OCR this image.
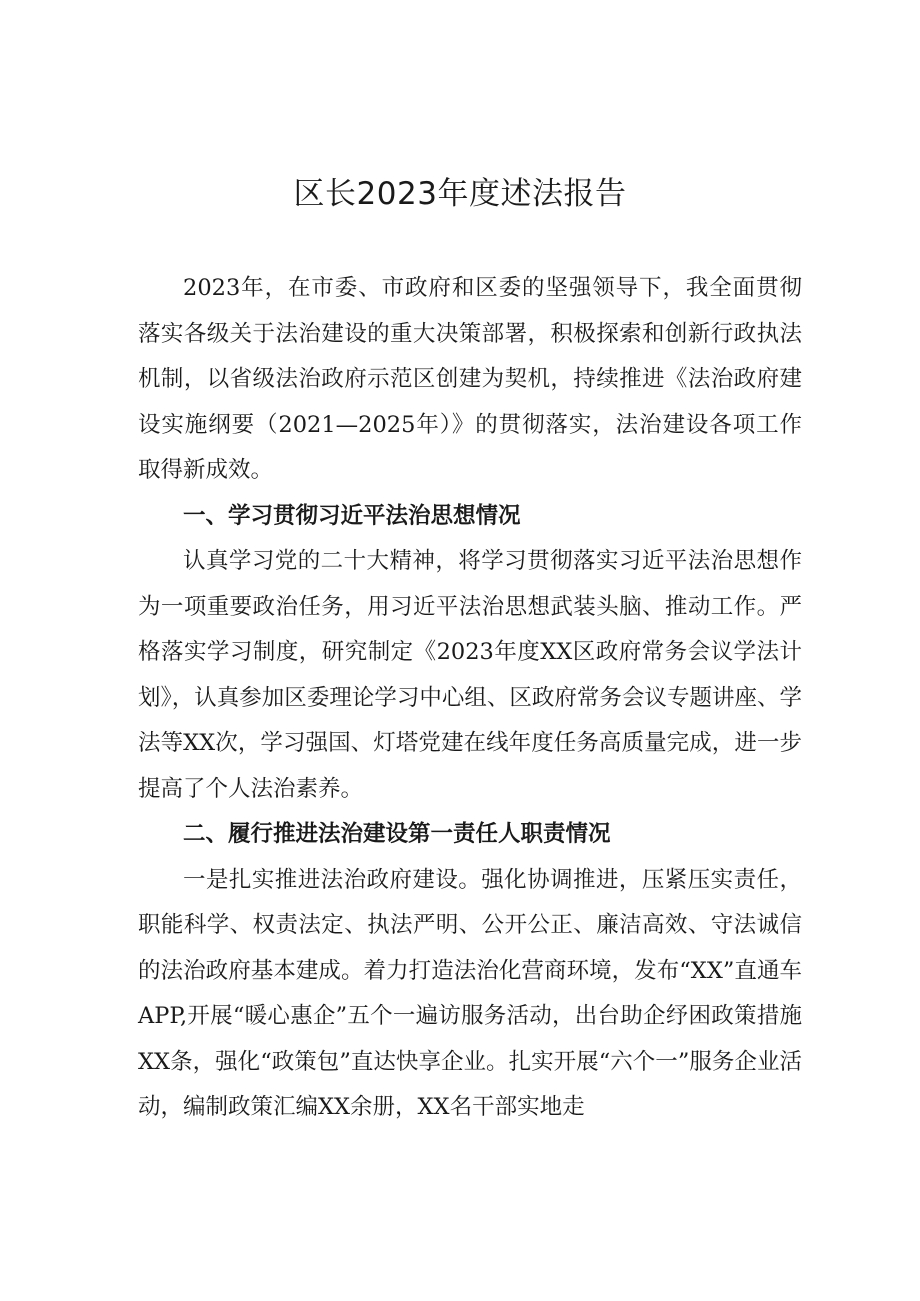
区长2023年度述法报告

2023年，在市委、市政府和区委的坚强领导下，我全面贯彻落实各级关于法治建设的重大决策部署，积极探索和创新行政执法机制，以省级法治政府示范区创建为契机，持续推进《法治政府建设实施纲要（2021—2025年）》的贯彻落实，法治建设各项工作取得新成效。

一、学习贯彻习近平法治思想情况

认真学习党的二十大精神，将学习贯彻落实习近平法治思想作为一项重要政治任务，用习近平法治思想武装头脑、推动工作。严格落实学习制度，研究制定《2023年度XX区政府常务会议学法计划》，认真参加区委理论学习中心组、区政府常务会议专题讲座、学法等XX次，学习强国、灯塔党建在线年度任务高质量完成，进一步提高了个人法治素养。

二、履行推进法治建设第一责任人职责情况

一是扎实推进法治政府建设。强化协调推进，压紧压实责任，职能科学、权责法定、执法严明、公开公正、廉洁高效、守法诚信的法治政府基本建成。着力打造法治化营商环境，发布“XX”直通车APP,开展“暖心惠企”五个一遍访服务活动，出台助企纾困政策措施XX条，强化“政策包”直达快享企业。扎实开展“六个一”服务企业活动，编制政策汇编XX余册，XX名干部实地走
